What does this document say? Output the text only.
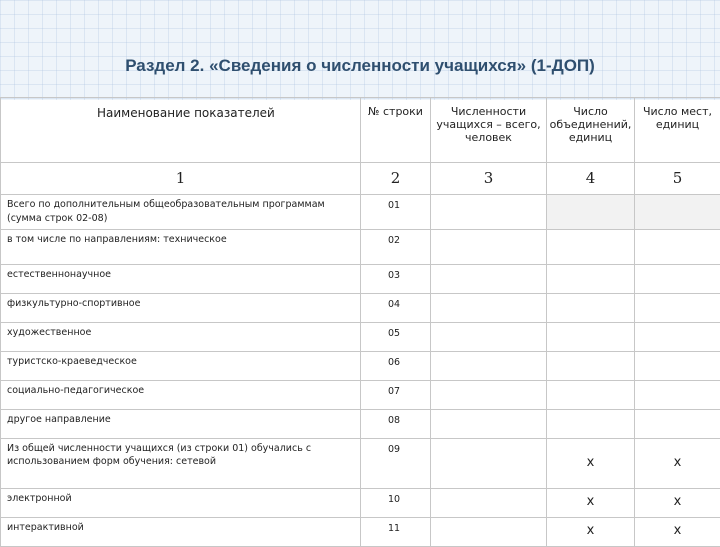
Раздел 2. «Сведения о численности учащихся» (1-ДОП)
Наименование показателей	№ строки	Численности учащихся – всего, человек	Число объединений, единиц	Число мест, единиц
1	2	3	4	5
Всего по дополнительным общеобразовательным программам (сумма строк 02-08)	01			
в том числе по направлениям: техническое	02			
естественнонаучное	03			
физкультурно-спортивное	04			
художественное	05			
туристско-краеведческое	06			
социально-педагогическое	07			
другое направление	08			
Из общей численности учащихся (из строки 01) обучались с использованием форм обучения: сетевой	09		x	x
электронной	10		x	x
интерактивной	11		x	x
